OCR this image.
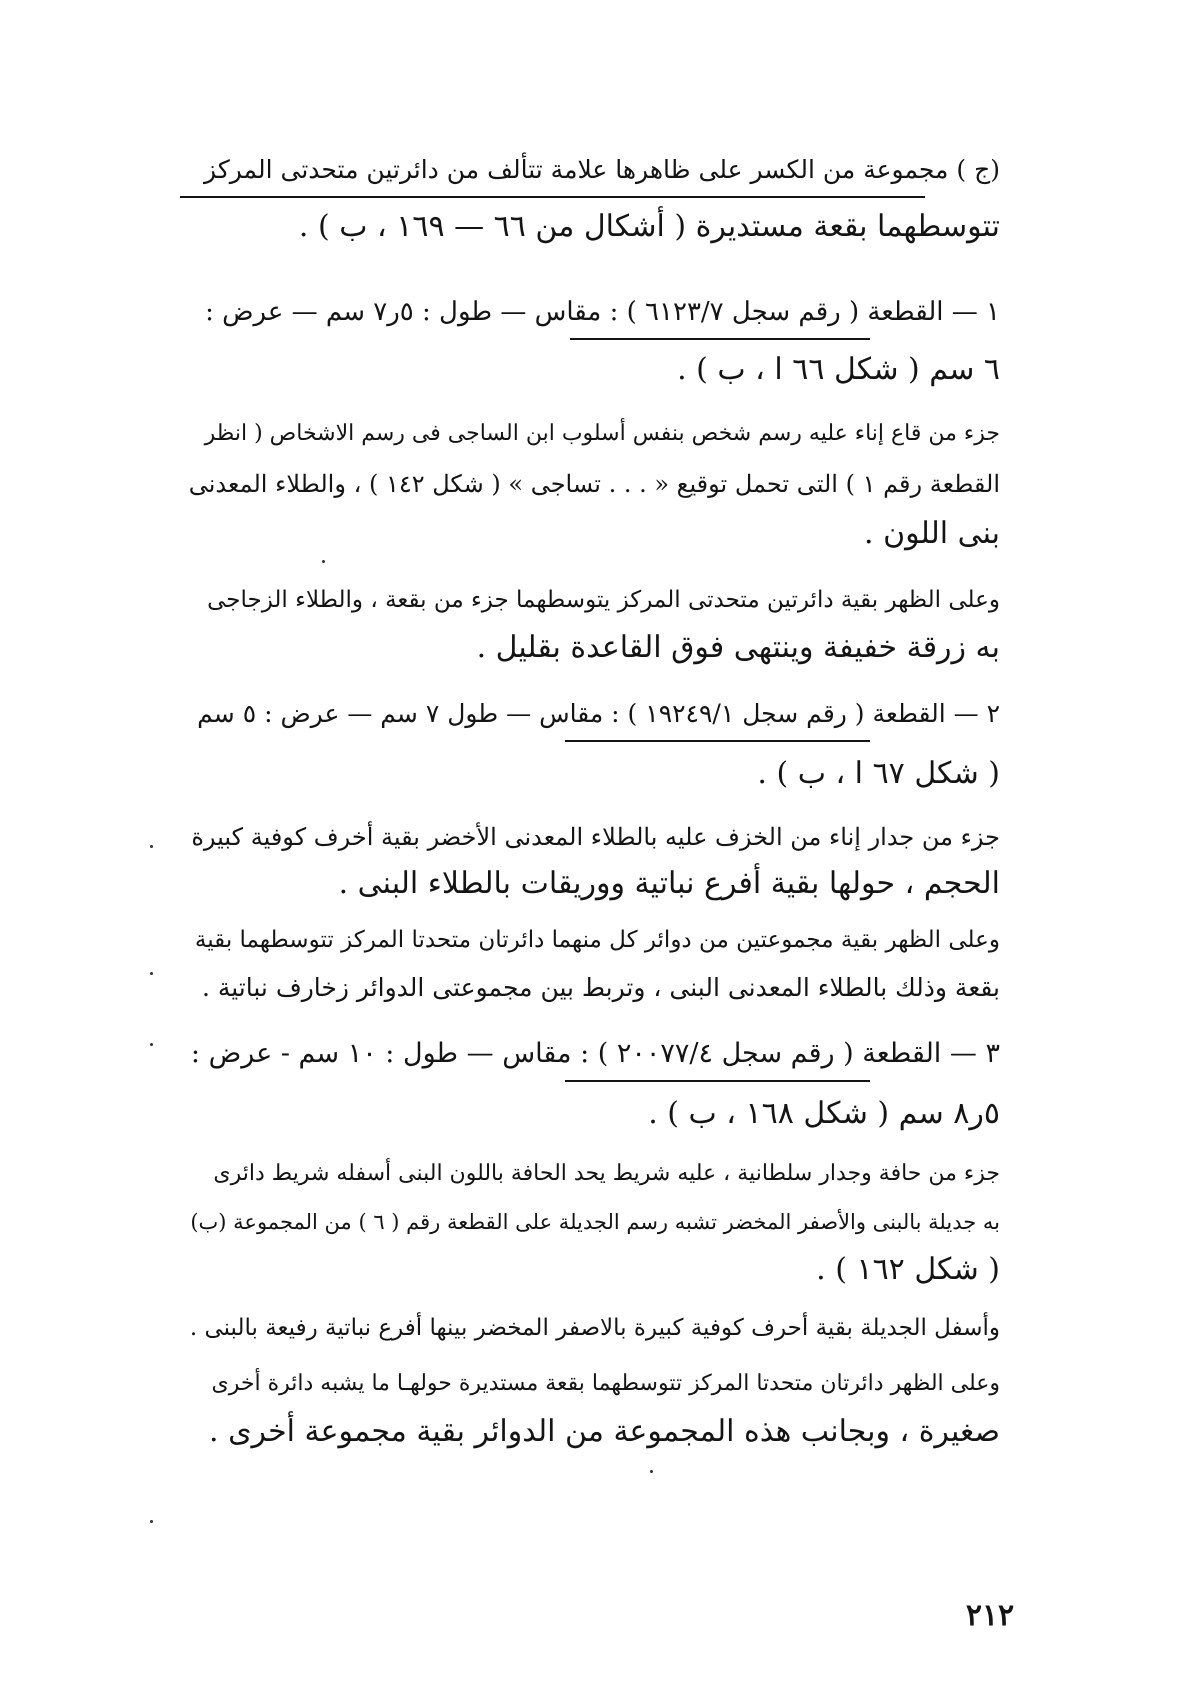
(ج ) مجموعة من الكسر على ظاهرها علامة تتألف من دائرتين متحدتى المركز
تتوسطهما بقعة مستديرة ( أشكال من ٦٦ — ١٦٩ ، ب ) .
١ — القطعة ( رقم سجل ٦١٢٣/٧ ) : مقاس — طول : ٥ر٧ سم — عرض :
٦ سم ( شكل ٦٦ ا ، ب ) .
جزء من قاع إناء عليه رسم شخص بنفس أسلوب ابن الساجى فى رسم الاشخاص ( انظر
القطعة رقم ١ ) التى تحمل توقيع « . . . تساجى » ( شكل ١٤٢ ) ، والطلاء المعدنى
بنى اللون .
وعلى الظهر بقية دائرتين متحدتى المركز يتوسطهما جزء من بقعة ، والطلاء الزجاجى
به زرقة خفيفة وينتهى فوق القاعدة بقليل .
٢ — القطعة ( رقم سجل ١٩٢٤٩/١ ) : مقاس — طول ٧ سم — عرض : ٥ سم
( شكل ٦٧ ا ، ب ) .
جزء من جدار إناء من الخزف عليه بالطلاء المعدنى الأخضر بقية أخرف كوفية كبيرة
الحجم ، حولها بقية أفرع نباتية ووريقات بالطلاء البنى .
وعلى الظهر بقية مجموعتين من دوائر كل منهما دائرتان متحدتا المركز تتوسطهما بقية
بقعة وذلك بالطلاء المعدنى البنى ، وتربط بين مجموعتى الدوائر زخارف نباتية .
٣ — القطعة ( رقم سجل ٢٠٠٧٧/٤ ) : مقاس — طول : ١٠ سم - عرض :
٥ر٨ سم ( شكل ١٦٨ ، ب ) .
جزء من حافة وجدار سلطانية ، عليه شريط يحد الحافة باللون البنى أسفله شريط دائرى
به جديلة بالبنى والأصفر المخضر تشبه رسم الجديلة على القطعة رقم ( ٦ ) من المجموعة (ب)
( شكل ١٦٢ ) .
وأسفل الجديلة بقية أحرف كوفية كبيرة بالاصفر المخضر بينها أفرع نباتية رفيعة بالبنى .
وعلى الظهر دائرتان متحدتا المركز تتوسطهما بقعة مستديرة حولهـا ما يشبه دائرة أخرى
صغيرة ، وبجانب هذه المجموعة من الدوائر بقية مجموعة أخرى .
٢١٢
